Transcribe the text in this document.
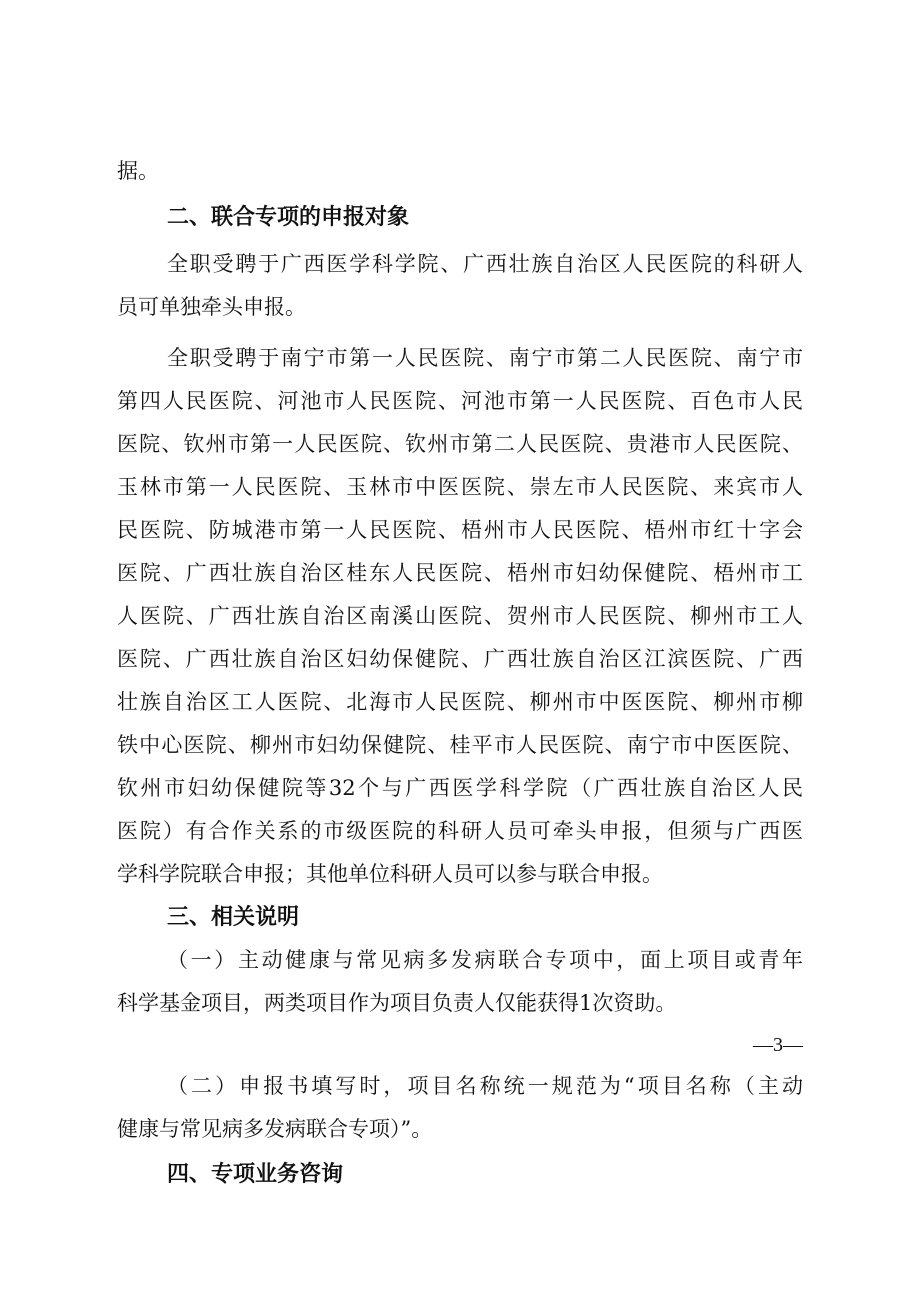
据。
二、联合专项的申报对象
全职受聘于广西医学科学院、广西壮族自治区人民医院的科研人
员可单独牵头申报。
全职受聘于南宁市第一人民医院、南宁市第二人民医院、南宁市
第四人民医院、河池市人民医院、河池市第一人民医院、百色市人民
医院、钦州市第一人民医院、钦州市第二人民医院、贵港市人民医院、
玉林市第一人民医院、玉林市中医医院、崇左市人民医院、来宾市人
民医院、防城港市第一人民医院、梧州市人民医院、梧州市红十字会
医院、广西壮族自治区桂东人民医院、梧州市妇幼保健院、梧州市工
人医院、广西壮族自治区南溪山医院、贺州市人民医院、柳州市工人
医院、广西壮族自治区妇幼保健院、广西壮族自治区江滨医院、广西
壮族自治区工人医院、北海市人民医院、柳州市中医医院、柳州市柳
铁中心医院、柳州市妇幼保健院、桂平市人民医院、南宁市中医医院、
钦州市妇幼保健院等32个与广西医学科学院（广西壮族自治区人民
医院）有合作关系的市级医院的科研人员可牵头申报，但须与广西医
学科学院联合申报；其他单位科研人员可以参与联合申报。
三、相关说明
（一）主动健康与常见病多发病联合专项中，面上项目或青年
科学基金项目，两类项目作为项目负责人仅能获得1次资助。
—3—
（二）申报书填写时，项目名称统一规范为“项目名称（主动
健康与常见病多发病联合专项）”。
四、专项业务咨询
